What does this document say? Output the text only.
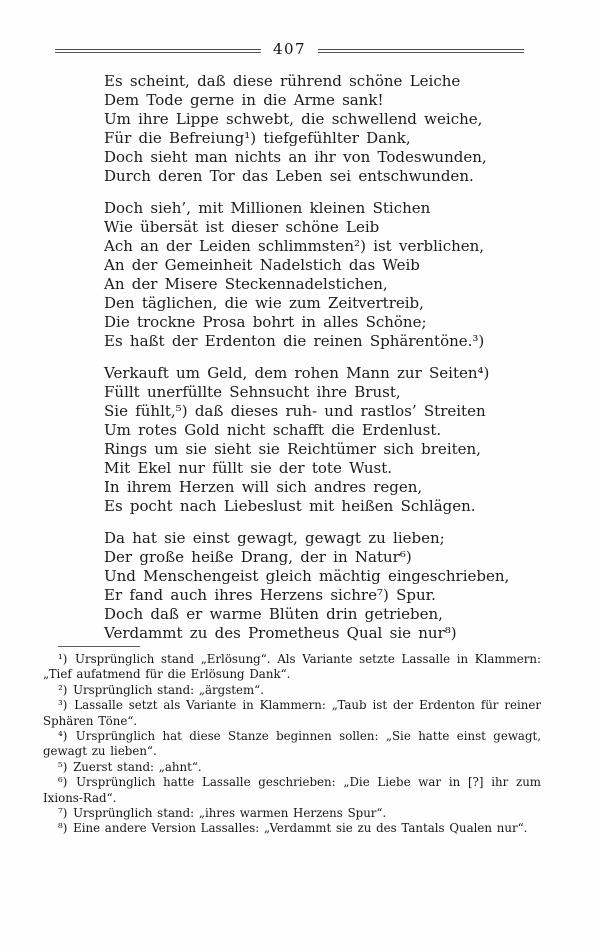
407
Es scheint, daß diese rührend schöne Leiche
Dem Tode gerne in die Arme sank!
Um ihre Lippe schwebt, die schwellend weiche,
Für die Befreiung¹) tiefgefühlter Dank,
Doch sieht man nichts an ihr von Todeswunden,
Durch deren Tor das Leben sei entschwunden.
Doch sieh’, mit Millionen kleinen Stichen
Wie übersät ist dieser schöne Leib
Ach an der Leiden schlimmsten²) ist verblichen,
An der Gemeinheit Nadelstich das Weib
An der Misere Steckennadelstichen,
Den täglichen, die wie zum Zeitvertreib,
Die trockne Prosa bohrt in alles Schöne;
Es haßt der Erdenton die reinen Sphärentöne.³)
Verkauft um Geld, dem rohen Mann zur Seiten⁴)
Füllt unerfüllte Sehnsucht ihre Brust,
Sie fühlt,⁵) daß dieses ruh- und rastlos’ Streiten
Um rotes Gold nicht schafft die Erdenlust.
Rings um sie sieht sie Reichtümer sich breiten,
Mit Ekel nur füllt sie der tote Wust.
In ihrem Herzen will sich andres regen,
Es pocht nach Liebeslust mit heißen Schlägen.
Da hat sie einst gewagt, gewagt zu lieben;
Der große heiße Drang, der in Natur⁶)
Und Menschengeist gleich mächtig eingeschrieben,
Er fand auch ihres Herzens sichre⁷) Spur.
Doch daß er warme Blüten drin getrieben,
Verdammt zu des Prometheus Qual sie nur⁸)

¹) Ursprünglich stand „Erlösung“. Als Variante setzte Lassalle in Klammern: „Tief aufatmend für die Erlösung Dank“.

²) Ursprünglich stand: „ärgstem“.

³) Lassalle setzt als Variante in Klammern: „Taub ist der Erdenton für reiner Sphären Töne“.

⁴) Ursprünglich hat diese Stanze beginnen sollen: „Sie hatte einst gewagt, gewagt zu lieben“.

⁵) Zuerst stand: „ahnt“.

⁶) Ursprünglich hatte Lassalle geschrieben: „Die Liebe war in [?] ihr zum Ixions-Rad“.

⁷) Ursprünglich stand: „ihres warmen Herzens Spur“.

⁸) Eine andere Version Lassalles: „Verdammt sie zu des Tantals Qualen nur“.
